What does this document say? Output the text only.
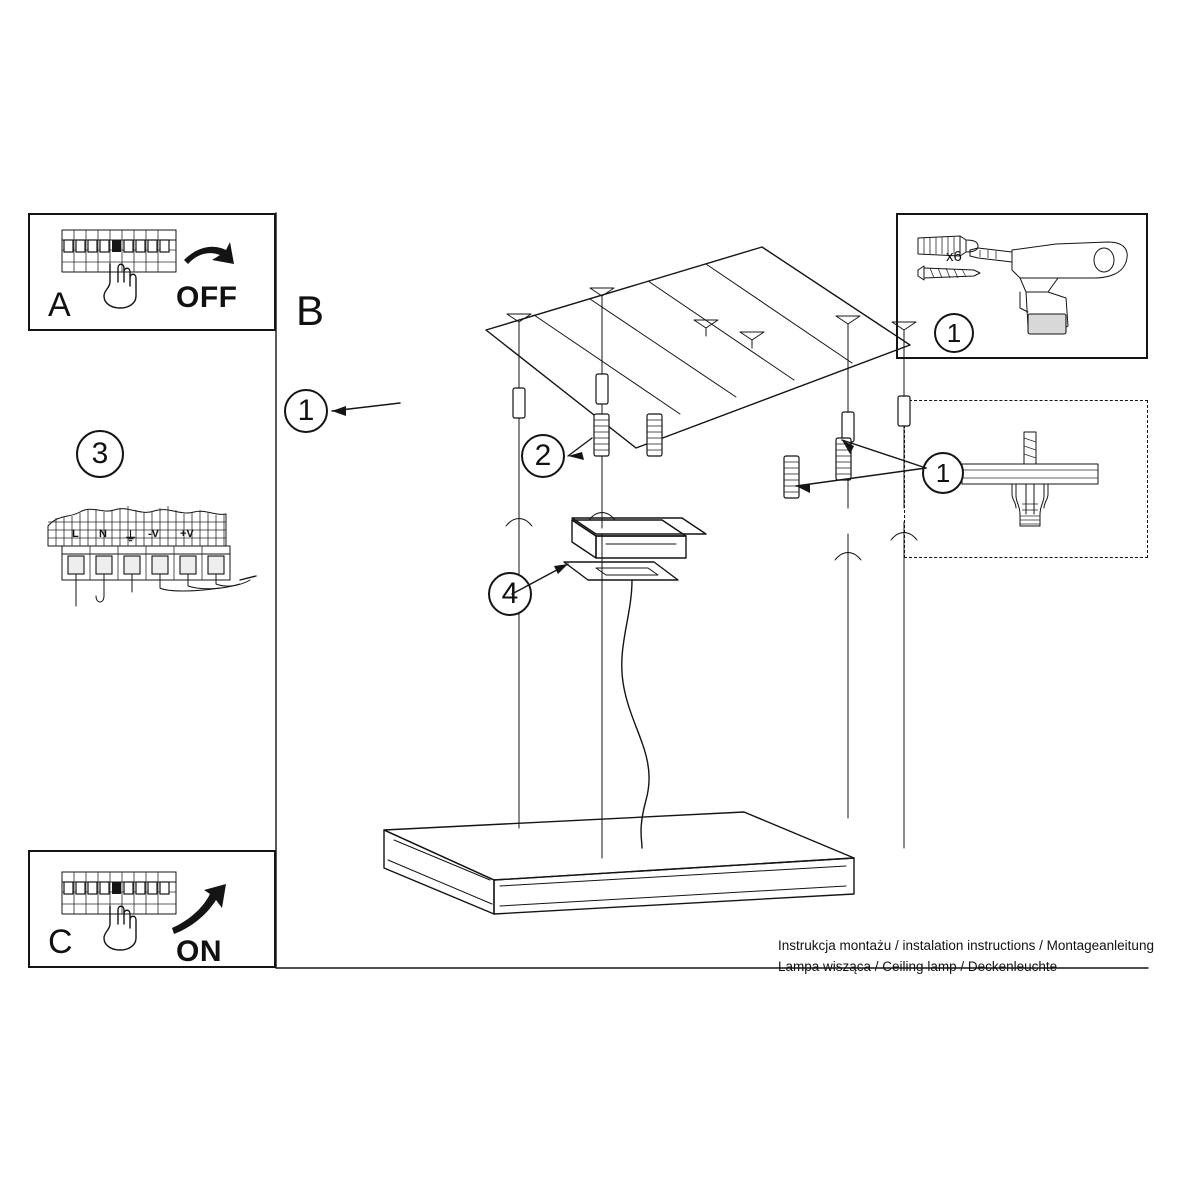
A	OFF
3
L N ⏚ -V +V
C	ON
1
x6
1
B
1
2
4
Instrukcja montażu / instalation instructions / Montageanleitung
Lampa wisząca / Ceiling lamp / Deckenleuchte
